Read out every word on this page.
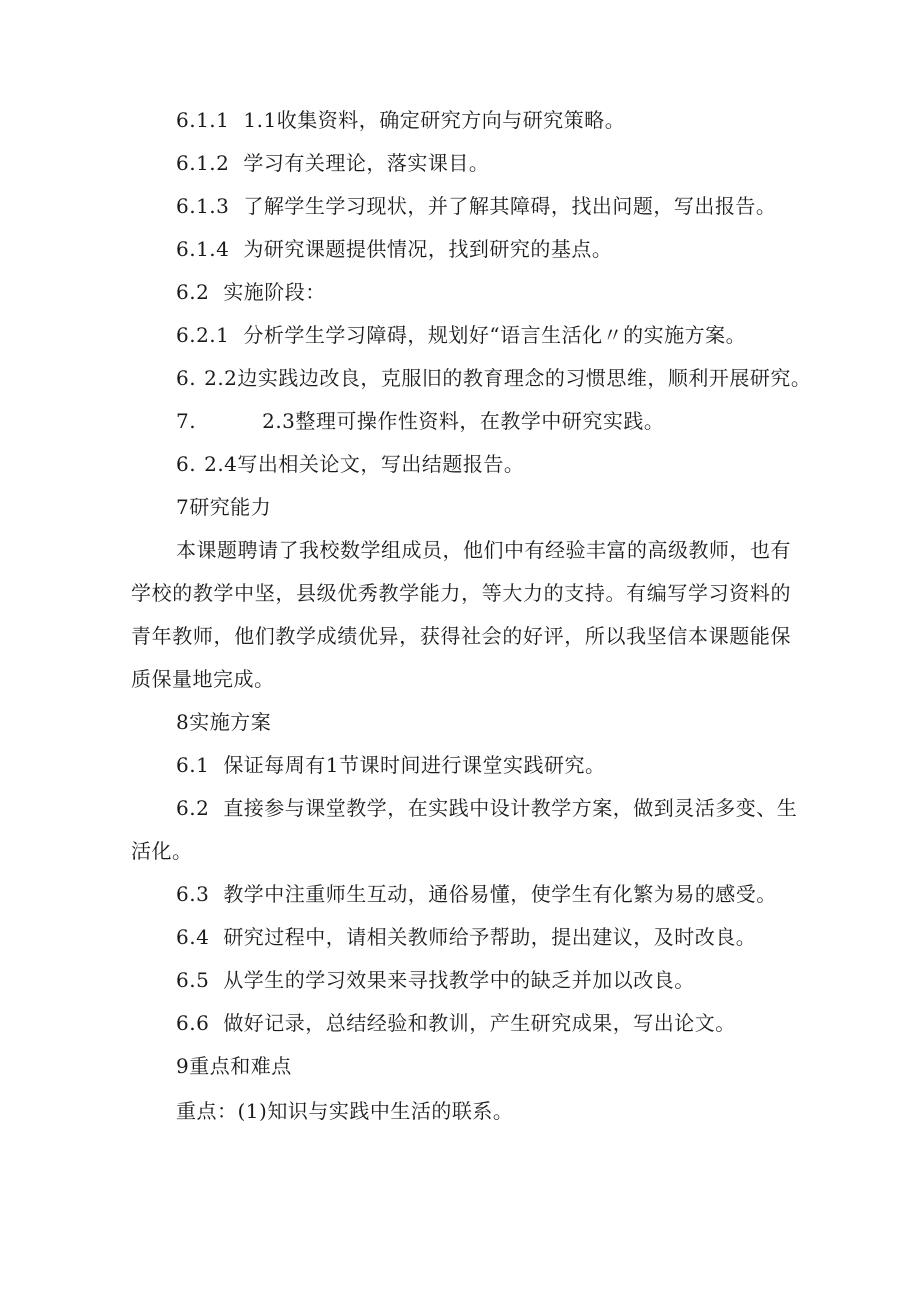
6.1.1 1.1收集资料，确定研究方向与研究策略。
6.1.2 学习有关理论，落实课目。
6.1.3 了解学生学习现状，并了解其障碍，找出问题，写出报告。
6.1.4 为研究课题提供情况，找到研究的基点。
6.2 实施阶段：
6.2.1 分析学生学习障碍，规划好“语言生活化〃的实施方案。
6. 2.2边实践边改良，克服旧的教育理念的习惯思维，顺利开展研究。
7.	2.3整理可操作性资料，在教学中研究实践。
6. 2.4写出相关论文，写出结题报告。
7研究能力
本课题聘请了我校数学组成员，他们中有经验丰富的高级教师，也有学校的教学中坚，县级优秀教学能力，等大力的支持。有编写学习资料的青年教师，他们教学成绩优异，获得社会的好评，所以我坚信本课题能保质保量地完成。
8实施方案
6.1 保证每周有1节课时间进行课堂实践研究。
6.2 直接参与课堂教学，在实践中设计教学方案，做到灵活多变、生
活化。
6.3 教学中注重师生互动，通俗易懂，使学生有化繁为易的感受。
6.4 研究过程中，请相关教师给予帮助，提出建议，及时改良。
6.5 从学生的学习效果来寻找教学中的缺乏并加以改良。
6.6 做好记录，总结经验和教训，产生研究成果，写出论文。
9重点和难点
重点：(1)知识与实践中生活的联系。
